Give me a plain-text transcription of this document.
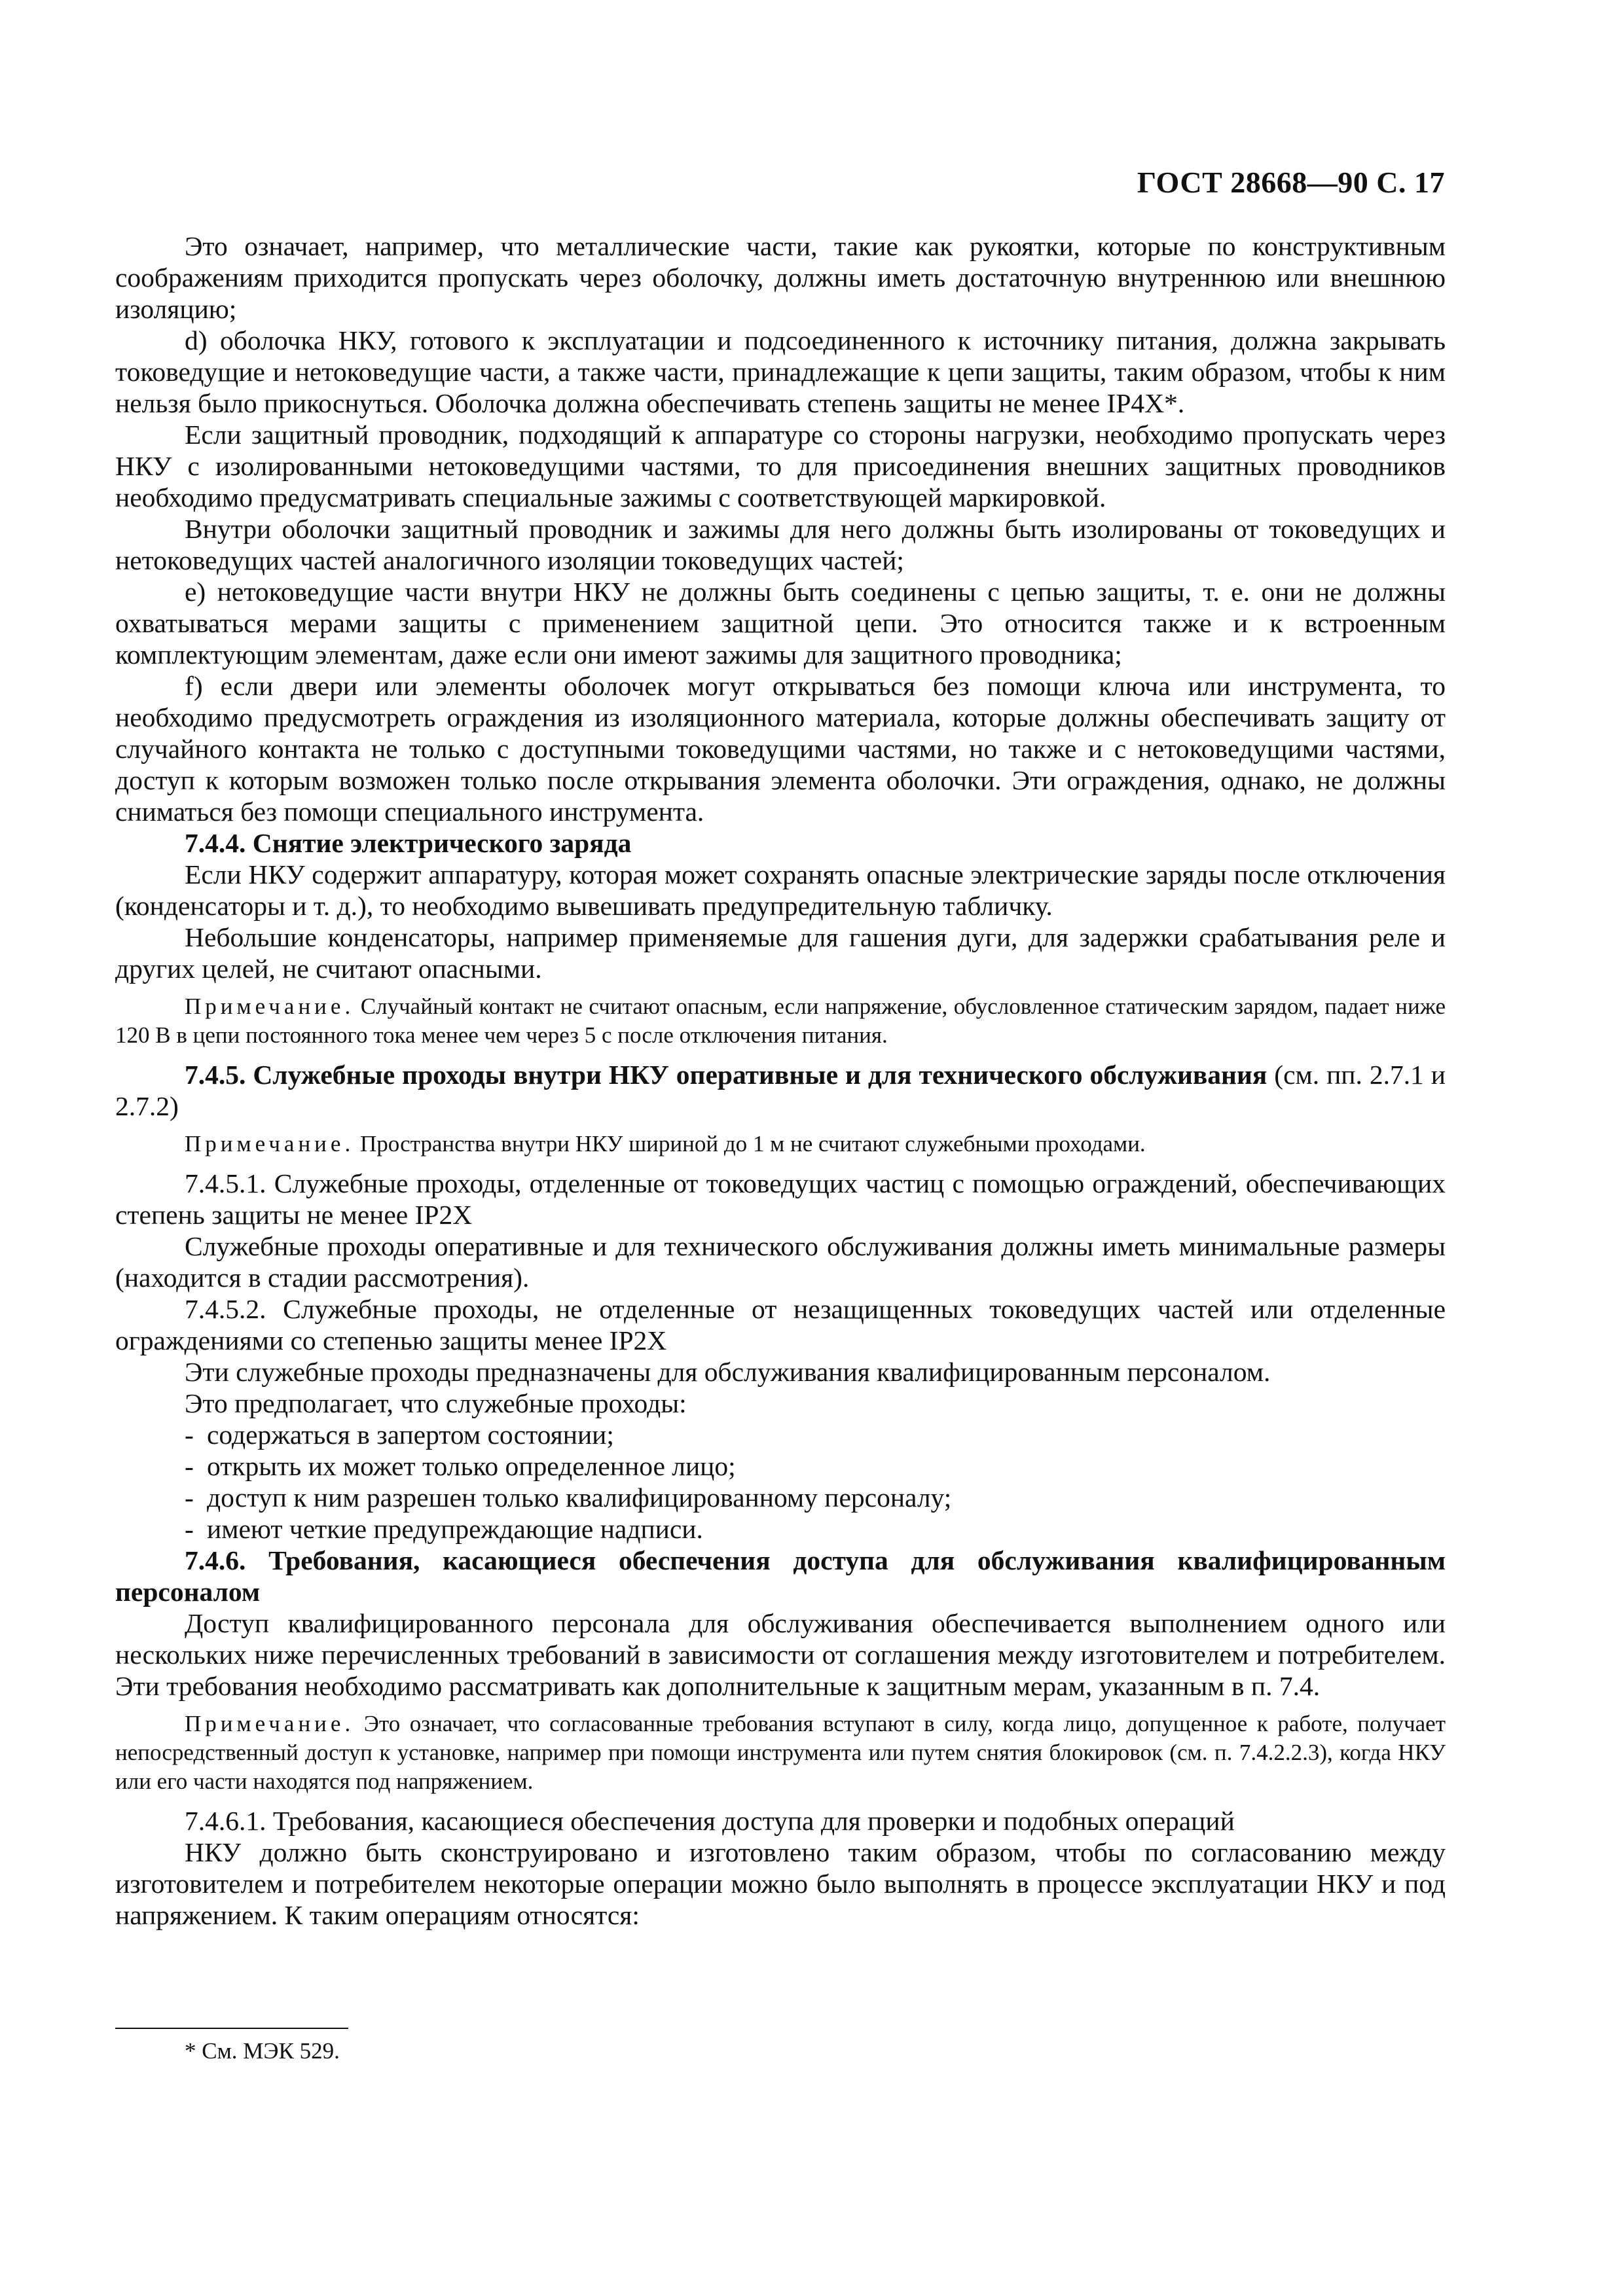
ГОСТ 28668—90 С. 17

Это означает, например, что металлические части, такие как рукоятки, которые по конструктивным соображениям приходится пропускать через оболочку, должны иметь достаточную внутреннюю или внешнюю изоляцию;

d) оболочка НКУ, готового к эксплуатации и подсоединенного к источнику питания, должна закрывать токоведущие и нетоковедущие части, а также части, принадлежащие к цепи защиты, таким образом, чтобы к ним нельзя было прикоснуться. Оболочка должна обеспечивать степень защиты не менее IP4X*.

Если защитный проводник, подходящий к аппаратуре со стороны нагрузки, необходимо пропускать через НКУ с изолированными нетоковедущими частями, то для присоединения внешних защитных проводников необходимо предусматривать специальные зажимы с соответствующей маркировкой.

Внутри оболочки защитный проводник и зажимы для него должны быть изолированы от токоведущих и нетоковедущих частей аналогичного изоляции токоведущих частей;

e) нетоковедущие части внутри НКУ не должны быть соединены с цепью защиты, т. е. они не должны охватываться мерами защиты с применением защитной цепи. Это относится также и к встроенным комплектующим элементам, даже если они имеют зажимы для защитного проводника;

f) если двери или элементы оболочек могут открываться без помощи ключа или инструмента, то необходимо предусмотреть ограждения из изоляционного материала, которые должны обеспечивать защиту от случайного контакта не только с доступными токоведущими частями, но также и с нетоковедущими частями, доступ к которым возможен только после открывания элемента оболочки. Эти ограждения, однако, не должны сниматься без помощи специального инструмента.

7.4.4. Снятие электрического заряда

Если НКУ содержит аппаратуру, которая может сохранять опасные электрические заряды после отключения (конденсаторы и т. д.), то необходимо вывешивать предупредительную табличку.

Небольшие конденсаторы, например применяемые для гашения дуги, для задержки срабатывания реле и других целей, не считают опасными.

Примечание. Случайный контакт не считают опасным, если напряжение, обусловленное статическим зарядом, падает ниже 120 В в цепи постоянного тока менее чем через 5 с после отключения питания.

7.4.5. Служебные проходы внутри НКУ оперативные и для технического обслуживания (см. пп. 2.7.1 и 2.7.2)

Примечание. Пространства внутри НКУ шириной до 1 м не считают служебными проходами.

7.4.5.1. Служебные проходы, отделенные от токоведущих частиц с помощью ограждений, обеспечивающих степень защиты не менее IP2X

Служебные проходы оперативные и для технического обслуживания должны иметь минимальные размеры (находится в стадии рассмотрения).

7.4.5.2. Служебные проходы, не отделенные от незащищенных токоведущих частей или отделенные ограждениями со степенью защиты менее IP2X

Эти служебные проходы предназначены для обслуживания квалифицированным персоналом.

Это предполагает, что служебные проходы:

- содержаться в запертом состоянии;
- открыть их может только определенное лицо;
- доступ к ним разрешен только квалифицированному персоналу;
- имеют четкие предупреждающие надписи.

7.4.6. Требования, касающиеся обеспечения доступа для обслуживания квалифицированным персоналом

Доступ квалифицированного персонала для обслуживания обеспечивается выполнением одного или нескольких ниже перечисленных требований в зависимости от соглашения между изготовителем и потребителем. Эти требования необходимо рассматривать как дополнительные к защитным мерам, указанным в п. 7.4.

Примечание. Это означает, что согласованные требования вступают в силу, когда лицо, допущенное к работе, получает непосредственный доступ к установке, например при помощи инструмента или путем снятия блокировок (см. п. 7.4.2.2.3), когда НКУ или его части находятся под напряжением.

7.4.6.1. Требования, касающиеся обеспечения доступа для проверки и подобных операций

НКУ должно быть сконструировано и изготовлено таким образом, чтобы по согласованию между изготовителем и потребителем некоторые операции можно было выполнять в процессе эксплуатации НКУ и под напряжением. К таким операциям относятся:

* См. МЭК 529.
